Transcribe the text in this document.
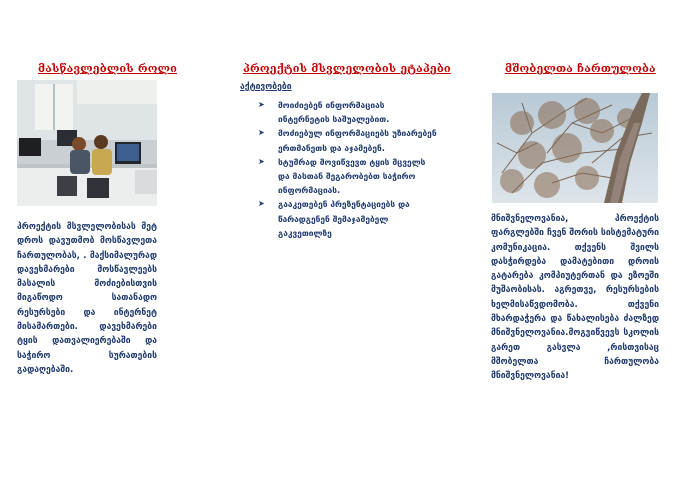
მასწავლებლის როლი
პროექტის მსვლელობისას მეტ დროს დავუთმობ მოსწავლეთა ჩართულობას, . მაქსიმალურად დავეხმარები მოსწავლეებს მასალის მოძიებისთვის მიგაწოდო სათანადო რესურსები და ინტერნეტ მისამართები. დავეხმარები ტყის დათვალიერებაში და საჭირო სურათების გადაღებაში.
პროექტის მსვლელობის ეტაპები
აქტივობები
➤ მოიძიებენ ინფორმაციას ინტერნეტის საშუალებით.
➤ მოძიებულ ინფორმაციებს უზიარებენ ერთმანეთს და აჯამებენ.
➤ სტუმრად მოვიწვევთ ტყის მცველს და მასთან შეგარობებთ საჭირო ინფორმაციას.
➤ გააკეთებენ პრეზენტაციებს და წარადგენენ შემაჯამებელ გაკვეთილზე
მშობელთა ჩართულობა
მნიშვნელოვანია, პროექტის ფარგლებში ჩვენ შორის სისტემატური კომუნიკაცია. თქვენს შვილს დასჭირდება დამატებითი დროის გატარება კომპიუტერთან და ეზოეში მუშაობისას. აგრეთვე, რესურსების ხელმისაწვდომობა. თქვენი მხარდაჭერა და წახალისება ძალზედ მნიშვნელოვანია.მოგვიწვევს სკოლის გარეთ გასვლა ,რისთვისაც მშობელთა ჩართულობა მნიშვნელოვანია!
